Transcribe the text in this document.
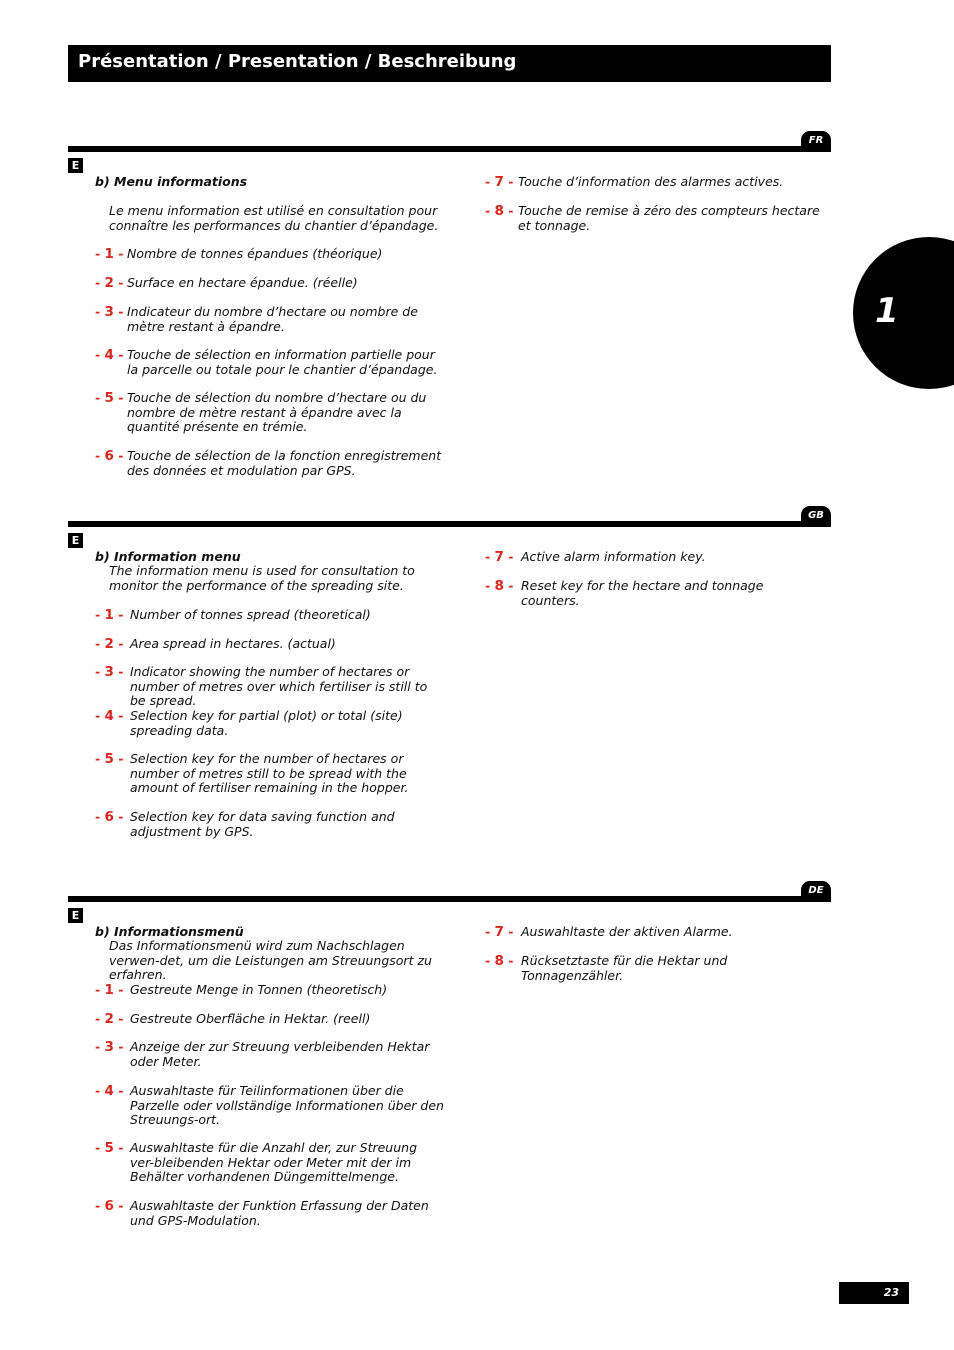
Présentation / Presentation / Beschreibung
1
FR
E
b) Menu informations
Le menu information est utilisé en consultation pour connaître les performances du chantier d’épandage.
- 1 - Nombre de tonnes épandues (théorique)
- 2 - Surface en hectare épandue. (réelle)
- 3 - Indicateur du nombre d’hectare ou nombre de mètre restant à épandre.
- 4 - Touche de sélection en information partielle pour la parcelle ou totale pour le chantier d’épandage.
- 5 - Touche de sélection du nombre d’hectare ou du nombre de mètre restant à épandre avec la quantité présente en trémie.
- 6 - Touche de sélection de la fonction enregistrement des données et modulation par GPS.
- 7 - Touche d’information des alarmes actives.
- 8 - Touche de remise à zéro des compteurs hectare et tonnage.
GB
E
b) Information menu
The information menu is used for consultation to monitor the performance of the spreading site.
- 1 - Number of tonnes spread (theoretical)
- 2 - Area spread in hectares. (actual)
- 3 - Indicator showing the number of hectares or number of metres over which fertiliser is still to be spread.
- 4 - Selection key for partial (plot) or total (site) spreading data.
- 5 - Selection key for the number of hectares or number of metres still to be spread with the amount of fertiliser remaining in the hopper.
- 6 - Selection key for data saving function and adjustment by GPS.
- 7 - Active alarm information key.
- 8 - Reset key for the hectare and tonnage counters.
DE
E
b) Informationsmenü
Das Informationsmenü wird zum Nachschlagen verwen-det, um die Leistungen am Streuungsort zu erfahren.
- 1 - Gestreute Menge in Tonnen (theoretisch)
- 2 - Gestreute Oberfläche in Hektar. (reell)
- 3 - Anzeige der zur Streuung verbleibenden Hektar oder Meter.
- 4 - Auswahltaste für Teilinformationen über die Parzelle oder vollständige Informationen über den Streuungs-ort.
- 5 - Auswahltaste für die Anzahl der, zur Streuung ver-bleibenden Hektar oder Meter mit der im Behälter vorhandenen Düngemittelmenge.
- 6 - Auswahltaste der Funktion Erfassung der Daten und GPS-Modulation.
- 7 - Auswahltaste der aktiven Alarme.
- 8 - Rücksetztaste für die Hektar und Tonnagenzähler.
23
